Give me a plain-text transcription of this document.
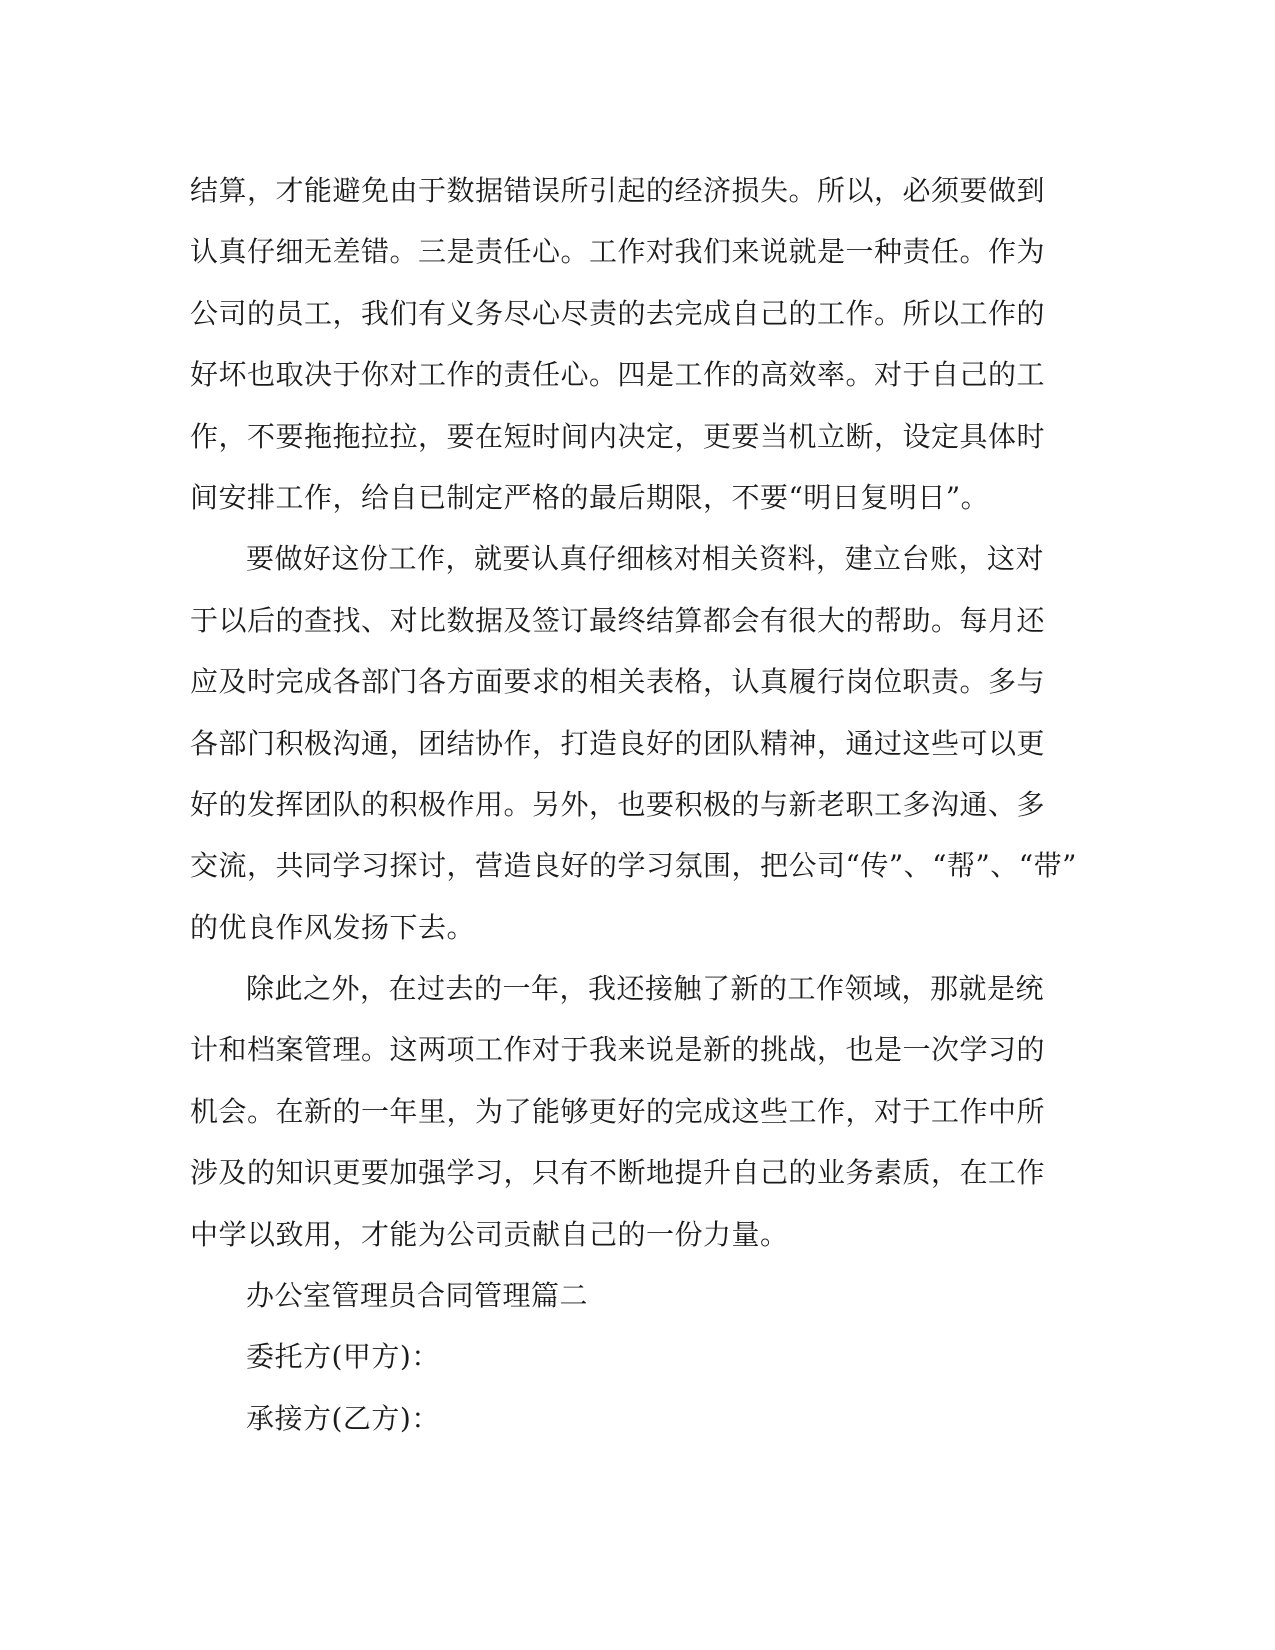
结算，才能避免由于数据错误所引起的经济损失。所以，必须要做到
认真仔细无差错。三是责任心。工作对我们来说就是一种责任。作为
公司的员工，我们有义务尽心尽责的去完成自己的工作。所以工作的
好坏也取决于你对工作的责任心。四是工作的高效率。对于自己的工
作，不要拖拖拉拉，要在短时间内决定，更要当机立断，设定具体时
间安排工作，给自已制定严格的最后期限，不要“明日复明日”。
要做好这份工作，就要认真仔细核对相关资料，建立台账，这对
于以后的查找、对比数据及签订最终结算都会有很大的帮助。每月还
应及时完成各部门各方面要求的相关表格，认真履行岗位职责。多与
各部门积极沟通，团结协作，打造良好的团队精神，通过这些可以更
好的发挥团队的积极作用。另外，也要积极的与新老职工多沟通、多
交流，共同学习探讨，营造良好的学习氛围，把公司“传”、“帮”、“带”
的优良作风发扬下去。
除此之外，在过去的一年，我还接触了新的工作领域，那就是统
计和档案管理。这两项工作对于我来说是新的挑战，也是一次学习的
机会。在新的一年里，为了能够更好的完成这些工作，对于工作中所
涉及的知识更要加强学习，只有不断地提升自己的业务素质，在工作
中学以致用，才能为公司贡献自己的一份力量。
办公室管理员合同管理篇二
委托方(甲方)：
承接方(乙方)：
